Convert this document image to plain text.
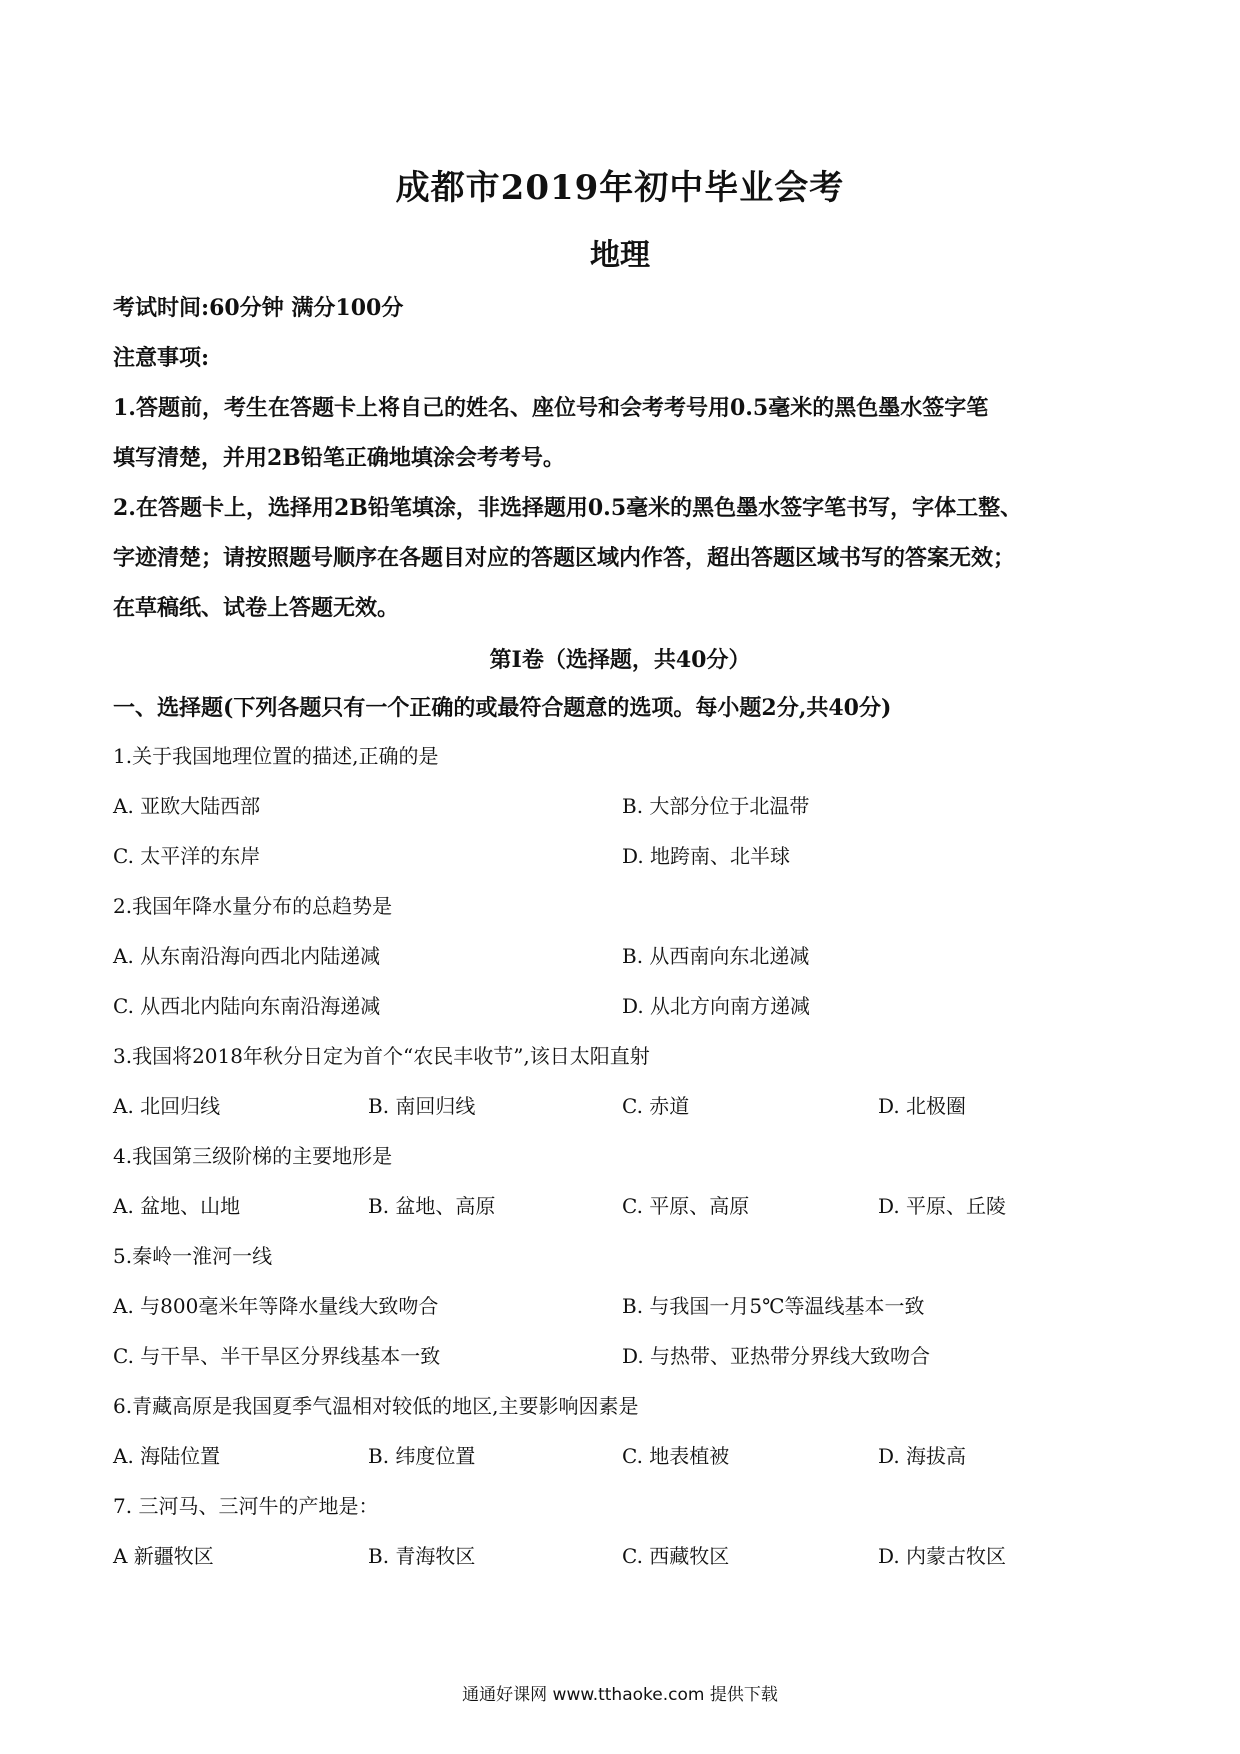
成都市2019年初中毕业会考
地理
考试时间:60分钟 满分100分
注意事项:
1.答题前，考生在答题卡上将自己的姓名、座位号和会考考号用0.5毫米的黑色墨水签字笔
填写清楚，并用2B铅笔正确地填涂会考考号。
2.在答题卡上，选择用2B铅笔填涂，非选择题用0.5毫米的黑色墨水签字笔书写，字体工整、
字迹清楚；请按照题号顺序在各题目对应的答题区域内作答，超出答题区域书写的答案无效；
在草稿纸、试卷上答题无效。
第Ⅰ卷（选择题，共40分）
一、选择题(下列各题只有一个正确的或最符合题意的选项。每小题2分,共40分)
1.关于我国地理位置的描述,正确的是
A. 亚欧大陆西部	B. 大部分位于北温带
C. 太平洋的东岸	D. 地跨南、北半球
2.我国年降水量分布的总趋势是
A. 从东南沿海向西北内陆递减	B. 从西南向东北递减
C. 从西北内陆向东南沿海递减	D. 从北方向南方递减
3.我国将2018年秋分日定为首个“农民丰收节”,该日太阳直射
A. 北回归线	B. 南回归线	C. 赤道	D. 北极圈
4.我国第三级阶梯的主要地形是
A. 盆地、山地	B. 盆地、高原	C. 平原、高原	D. 平原、丘陵
5.秦岭一淮河一线
A. 与800毫米年等降水量线大致吻合	B. 与我国一月5℃等温线基本一致
C. 与干旱、半干旱区分界线基本一致	D. 与热带、亚热带分界线大致吻合
6.青藏高原是我国夏季气温相对较低的地区,主要影响因素是
A. 海陆位置	B. 纬度位置	C. 地表植被	D. 海拔高
7. 三河马、三河牛的产地是：
A 新疆牧区	B. 青海牧区	C. 西藏牧区	D. 内蒙古牧区
通通好课网 www.tthaoke.com 提供下载
